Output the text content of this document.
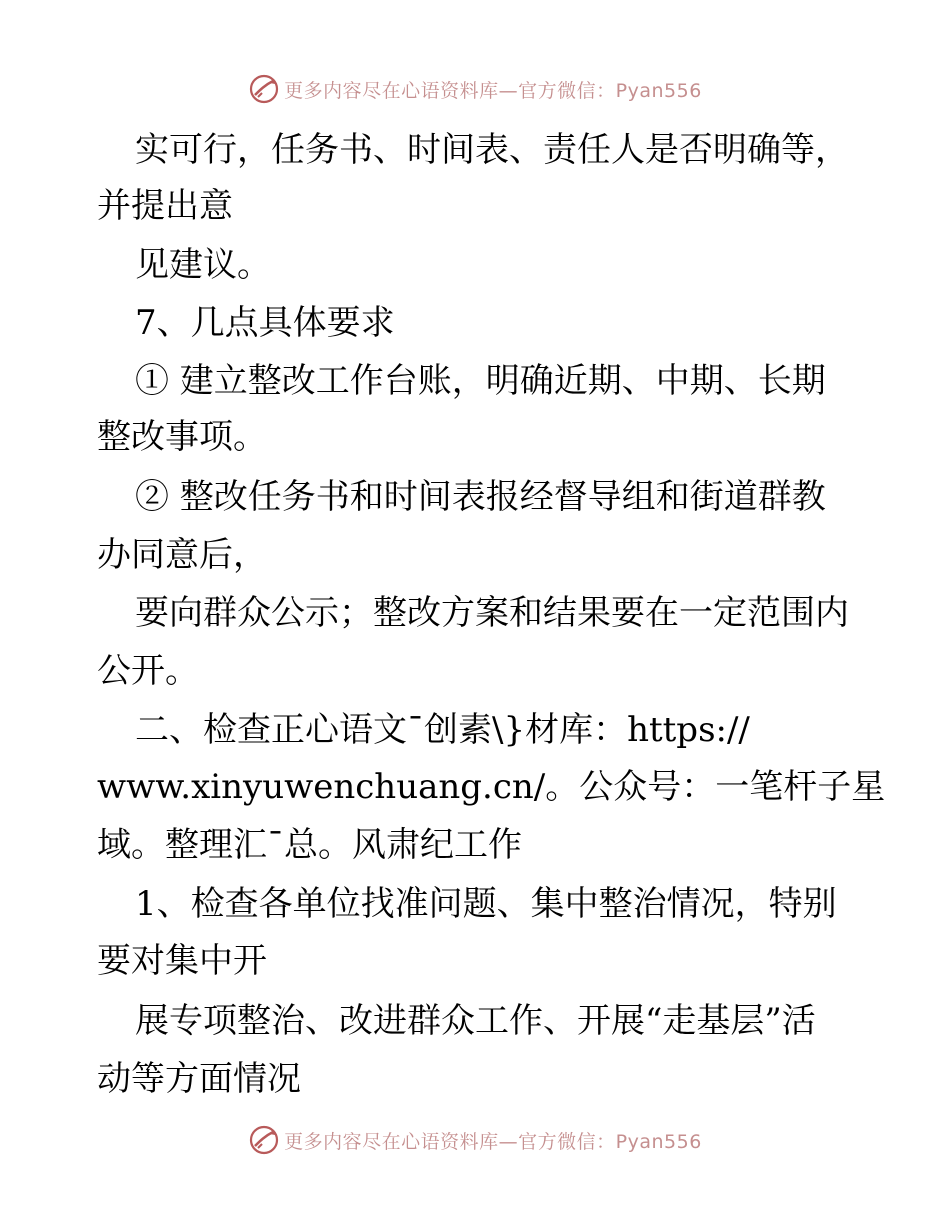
更多内容尽在心语资料库—官方微信：Pyan556
实可行，任务书、时间表、责任人是否明确等，
并提出意
见建议。
7、几点具体要求
① 建立整改工作台账，明确近期、中期、长期
整改事项。
② 整改任务书和时间表报经督导组和街道群教
办同意后，
要向群众公示；整改方案和结果要在一定范围内
公开。
二、检查正心语文¯创素\}材库：https://
www.xinyuwenchuang.cn/。公众号：一笔杆子星
域。整理汇¯总。风肃纪工作
1、检查各单位找准问题、集中整治情况，特别
要对集中开
展专项整治、改进群众工作、开展“走基层”活
动等方面情况
更多内容尽在心语资料库—官方微信：Pyan556
